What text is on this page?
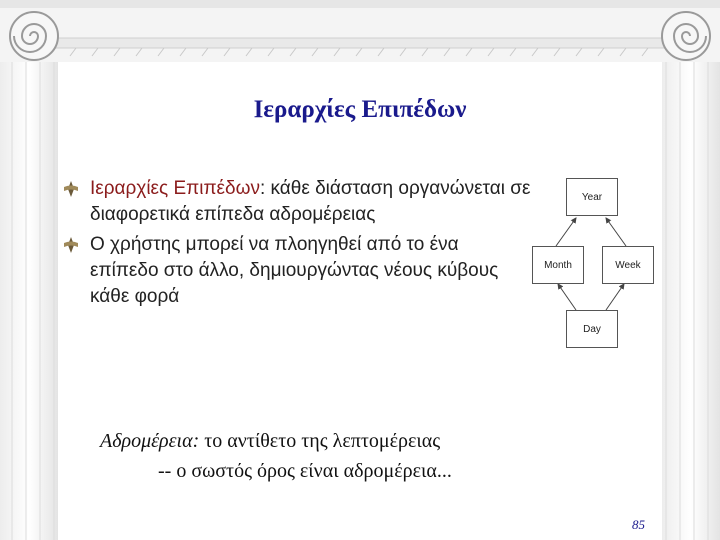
Ιεραρχίες Επιπέδων
Ιεραρχίες Επιπέδων: κάθε διάσταση οργανώνεται σε διαφορετικά επίπεδα αδρομέρειας
Ο χρήστης μπορεί να πλοηγηθεί από το ένα επίπεδο στο άλλο, δημιουργώντας νέους κύβους κάθε φορά
Year
Month	Week
Day
Αδρομέρεια: το αντίθετο της λεπτομέρειας
-- ο σωστός όρος είναι αδρομέρεια...
85
